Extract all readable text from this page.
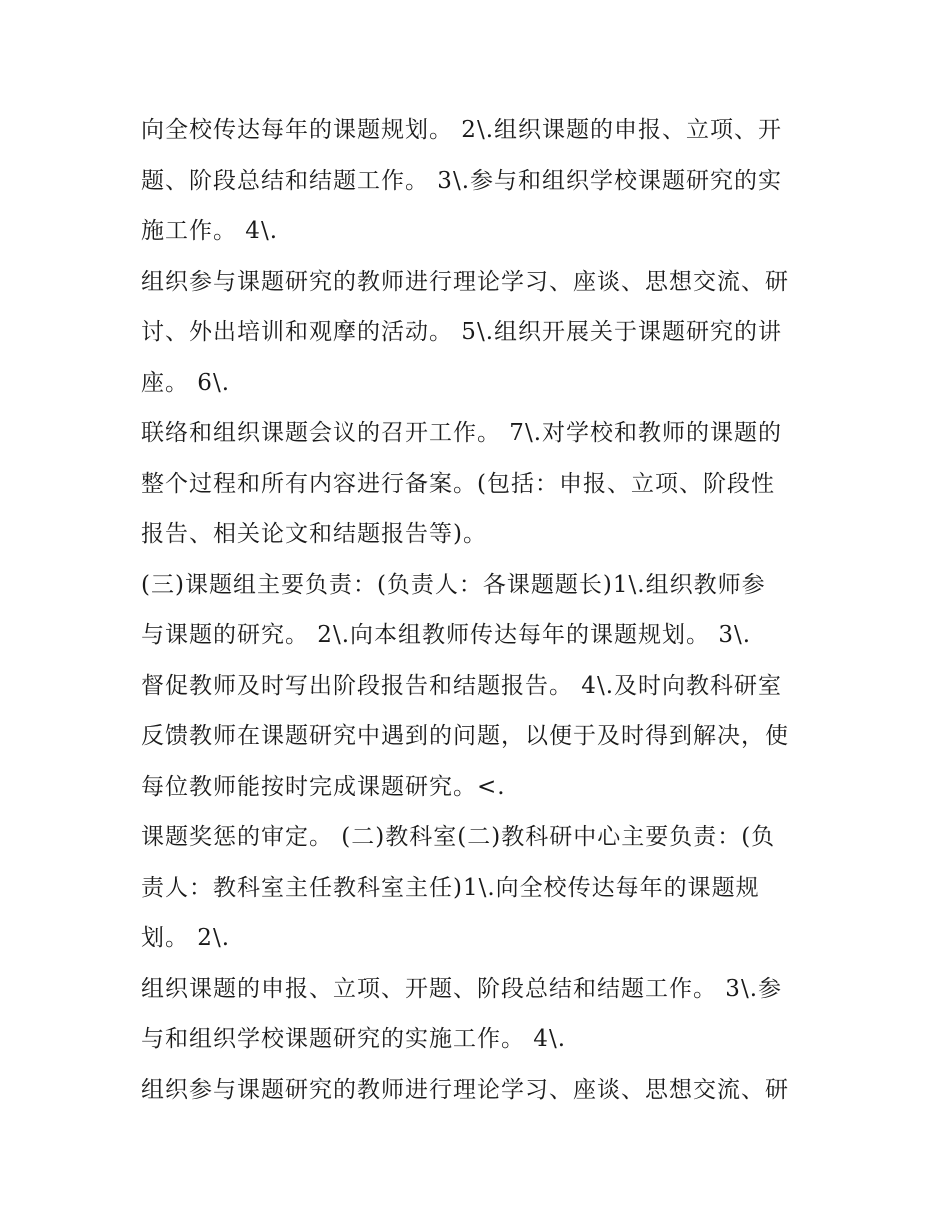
向全校传达每年的课题规划。 2\.组织课题的申报、立项、开
题、阶段总结和结题工作。 3\.参与和组织学校课题研究的实
施工作。 4\.
组织参与课题研究的教师进行理论学习、座谈、思想交流、研
讨、外出培训和观摩的活动。 5\.组织开展关于课题研究的讲
座。 6\.
联络和组织课题会议的召开工作。 7\.对学校和教师的课题的
整个过程和所有内容进行备案。(包括：申报、立项、阶段性
报告、相关论文和结题报告等)。
(三)课题组主要负责：(负责人：各课题题长)1\.组织教师参
与课题的研究。 2\.向本组教师传达每年的课题规划。 3\.
督促教师及时写出阶段报告和结题报告。 4\.及时向教科研室
反馈教师在课题研究中遇到的问题，以便于及时得到解决，使
每位教师能按时完成课题研究。<.
课题奖惩的审定。 (二)教科室(二)教科研中心主要负责：(负
责人：教科室主任教科室主任)1\.向全校传达每年的课题规
划。 2\.
组织课题的申报、立项、开题、阶段总结和结题工作。 3\.参
与和组织学校课题研究的实施工作。 4\.
组织参与课题研究的教师进行理论学习、座谈、思想交流、研
